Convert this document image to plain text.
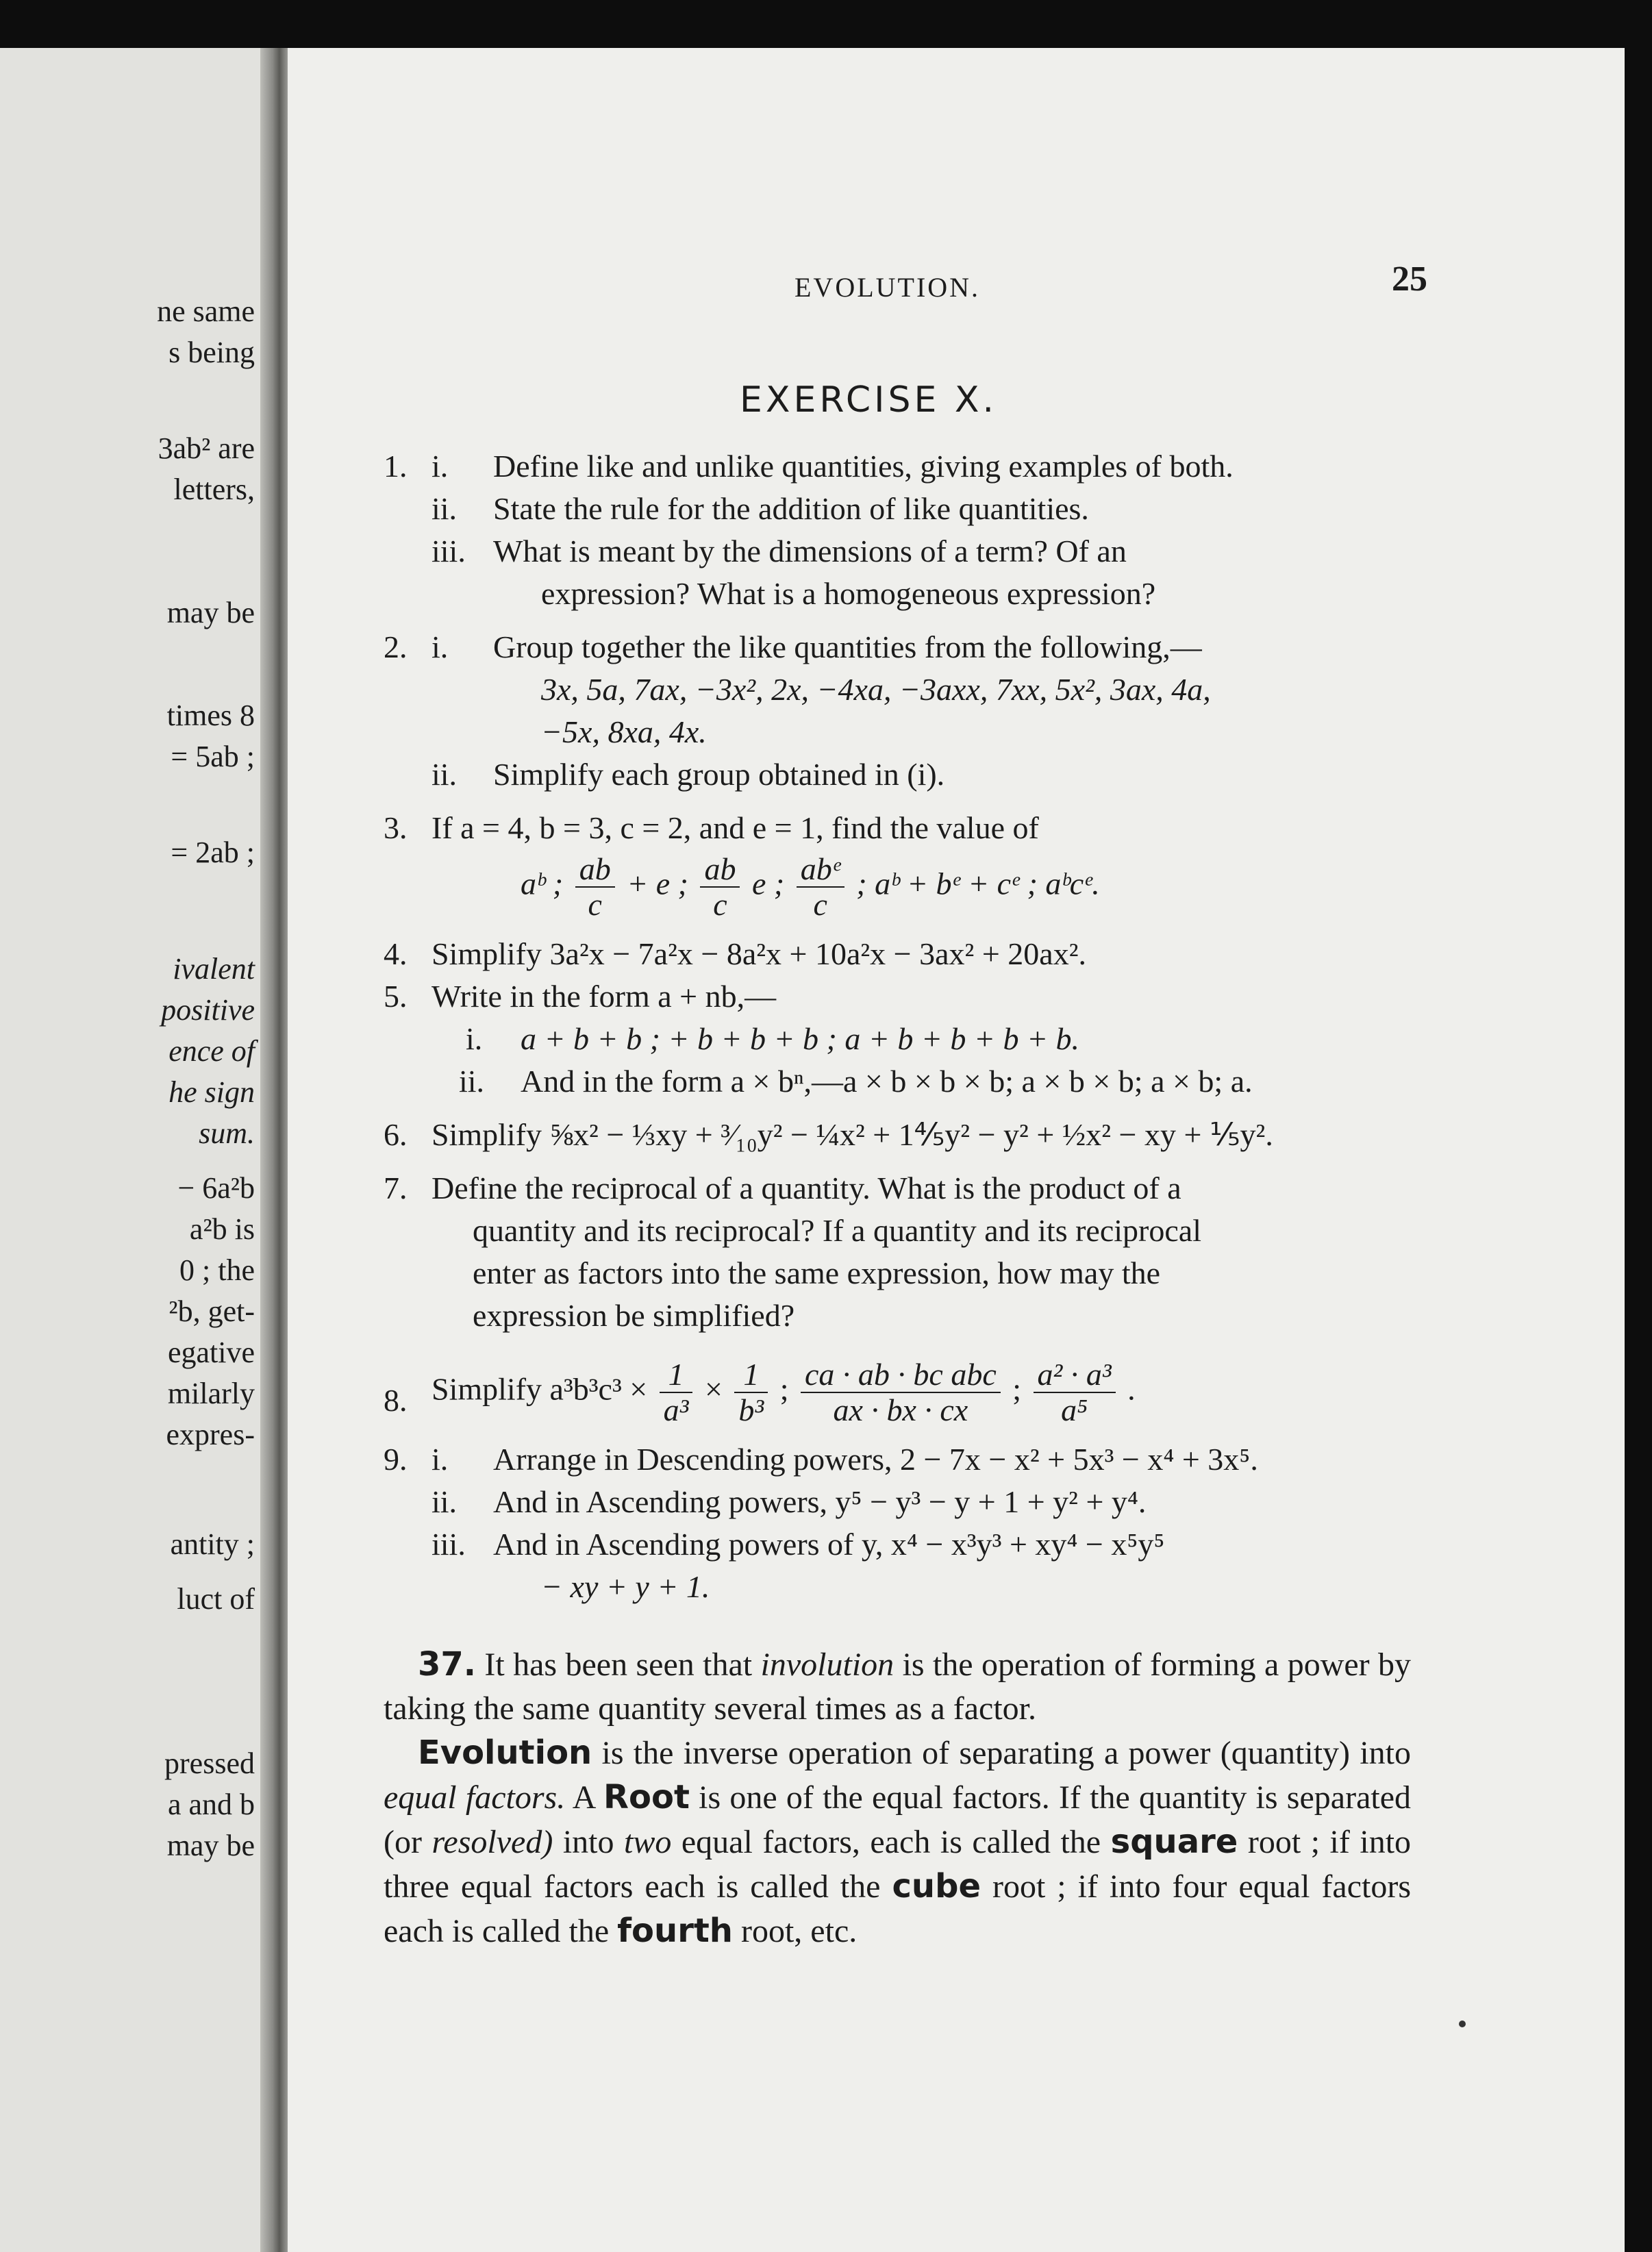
ne same
s being
3ab² are
letters,
may be
times 8
= 5ab ;
= 2ab ;
ivalent
positive
ence of
he sign
sum.
− 6a²b
a²b is
0 ; the
²b, get-
egative
milarly
expres-
antity ;
luct of
pressed
a and b
may be
EVOLUTION.	25
EXERCISE X.
1. i. Define like and unlike quantities, giving examples of both.
ii. State the rule for the addition of like quantities.
iii. What is meant by the dimensions of a term? Of an
expression? What is a homogeneous expression?
2. i. Group together the like quantities from the following,—
3x, 5a, 7ax, −3x², 2x, −4xa, −3axx, 7xx, 5x², 3ax, 4a,
−5x, 8xa, 4x.
ii. Simplify each group obtained in (i).
3. If a = 4, b = 3, c = 2, and e = 1, find the value of
aᵇ ; $\frac{ab}{c} + e$ ; $\frac{ab}{c}$ e ; $\frac{\text{abᵉ}}{c}$ ; aᵇ + bᵉ + cᵉ ; aᵇcᵉ.
4. Simplify 3a²x − 7a²x − 8a²x + 10a²x − 3ax² + 20ax².
5. Write in the form a + nb,—
i. a + b + b ; + b + b + b ; a + b + b + b + b.
ii. And in the form a × bⁿ,—a × b × b × b; a × b × b; a × b; a.
6. Simplify ⅝x² − ⅓xy + ³⁄₁₀y² − ¼x² + 1⅘y² − y² + ½x² − xy + ⅕y².
7. Define the reciprocal of a quantity. What is the product of a
quantity and its reciprocal? If a quantity and its reciprocal
enter as factors into the same expression, how may the
expression be simplified?
8. Simplify $a^3b^3c^3 \times \frac{1}{\text{a³}} \times \frac{1}{\text{b³}}$ ; $\frac{\text{ca · ab · bc abc}}{ax \cdot bx \cdot cx}$ ; $\frac{\text{a² · a³}}{\text{a⁵}}$ .
9. i. Arrange in Descending powers, 2 − 7x − x² + 5x³ − x⁴ + 3x⁵.
ii. And in Ascending powers, y⁵ − y³ − y + 1 + y² + y⁴.
iii. And in Ascending powers of y, x⁴ − x³y³ + xy⁴ − x⁵y⁵
− xy + y + 1.
37. It has been seen that involution is the operation of forming a power by taking the same quantity several times as a factor.
Evolution is the inverse operation of separating a power (quantity) into equal factors. A Root is one of the equal factors. If the quantity is separated (or resolved) into two equal factors, each is called the square root ; if into three equal factors each is called the cube root ; if into four equal factors each is called the fourth root, etc.
